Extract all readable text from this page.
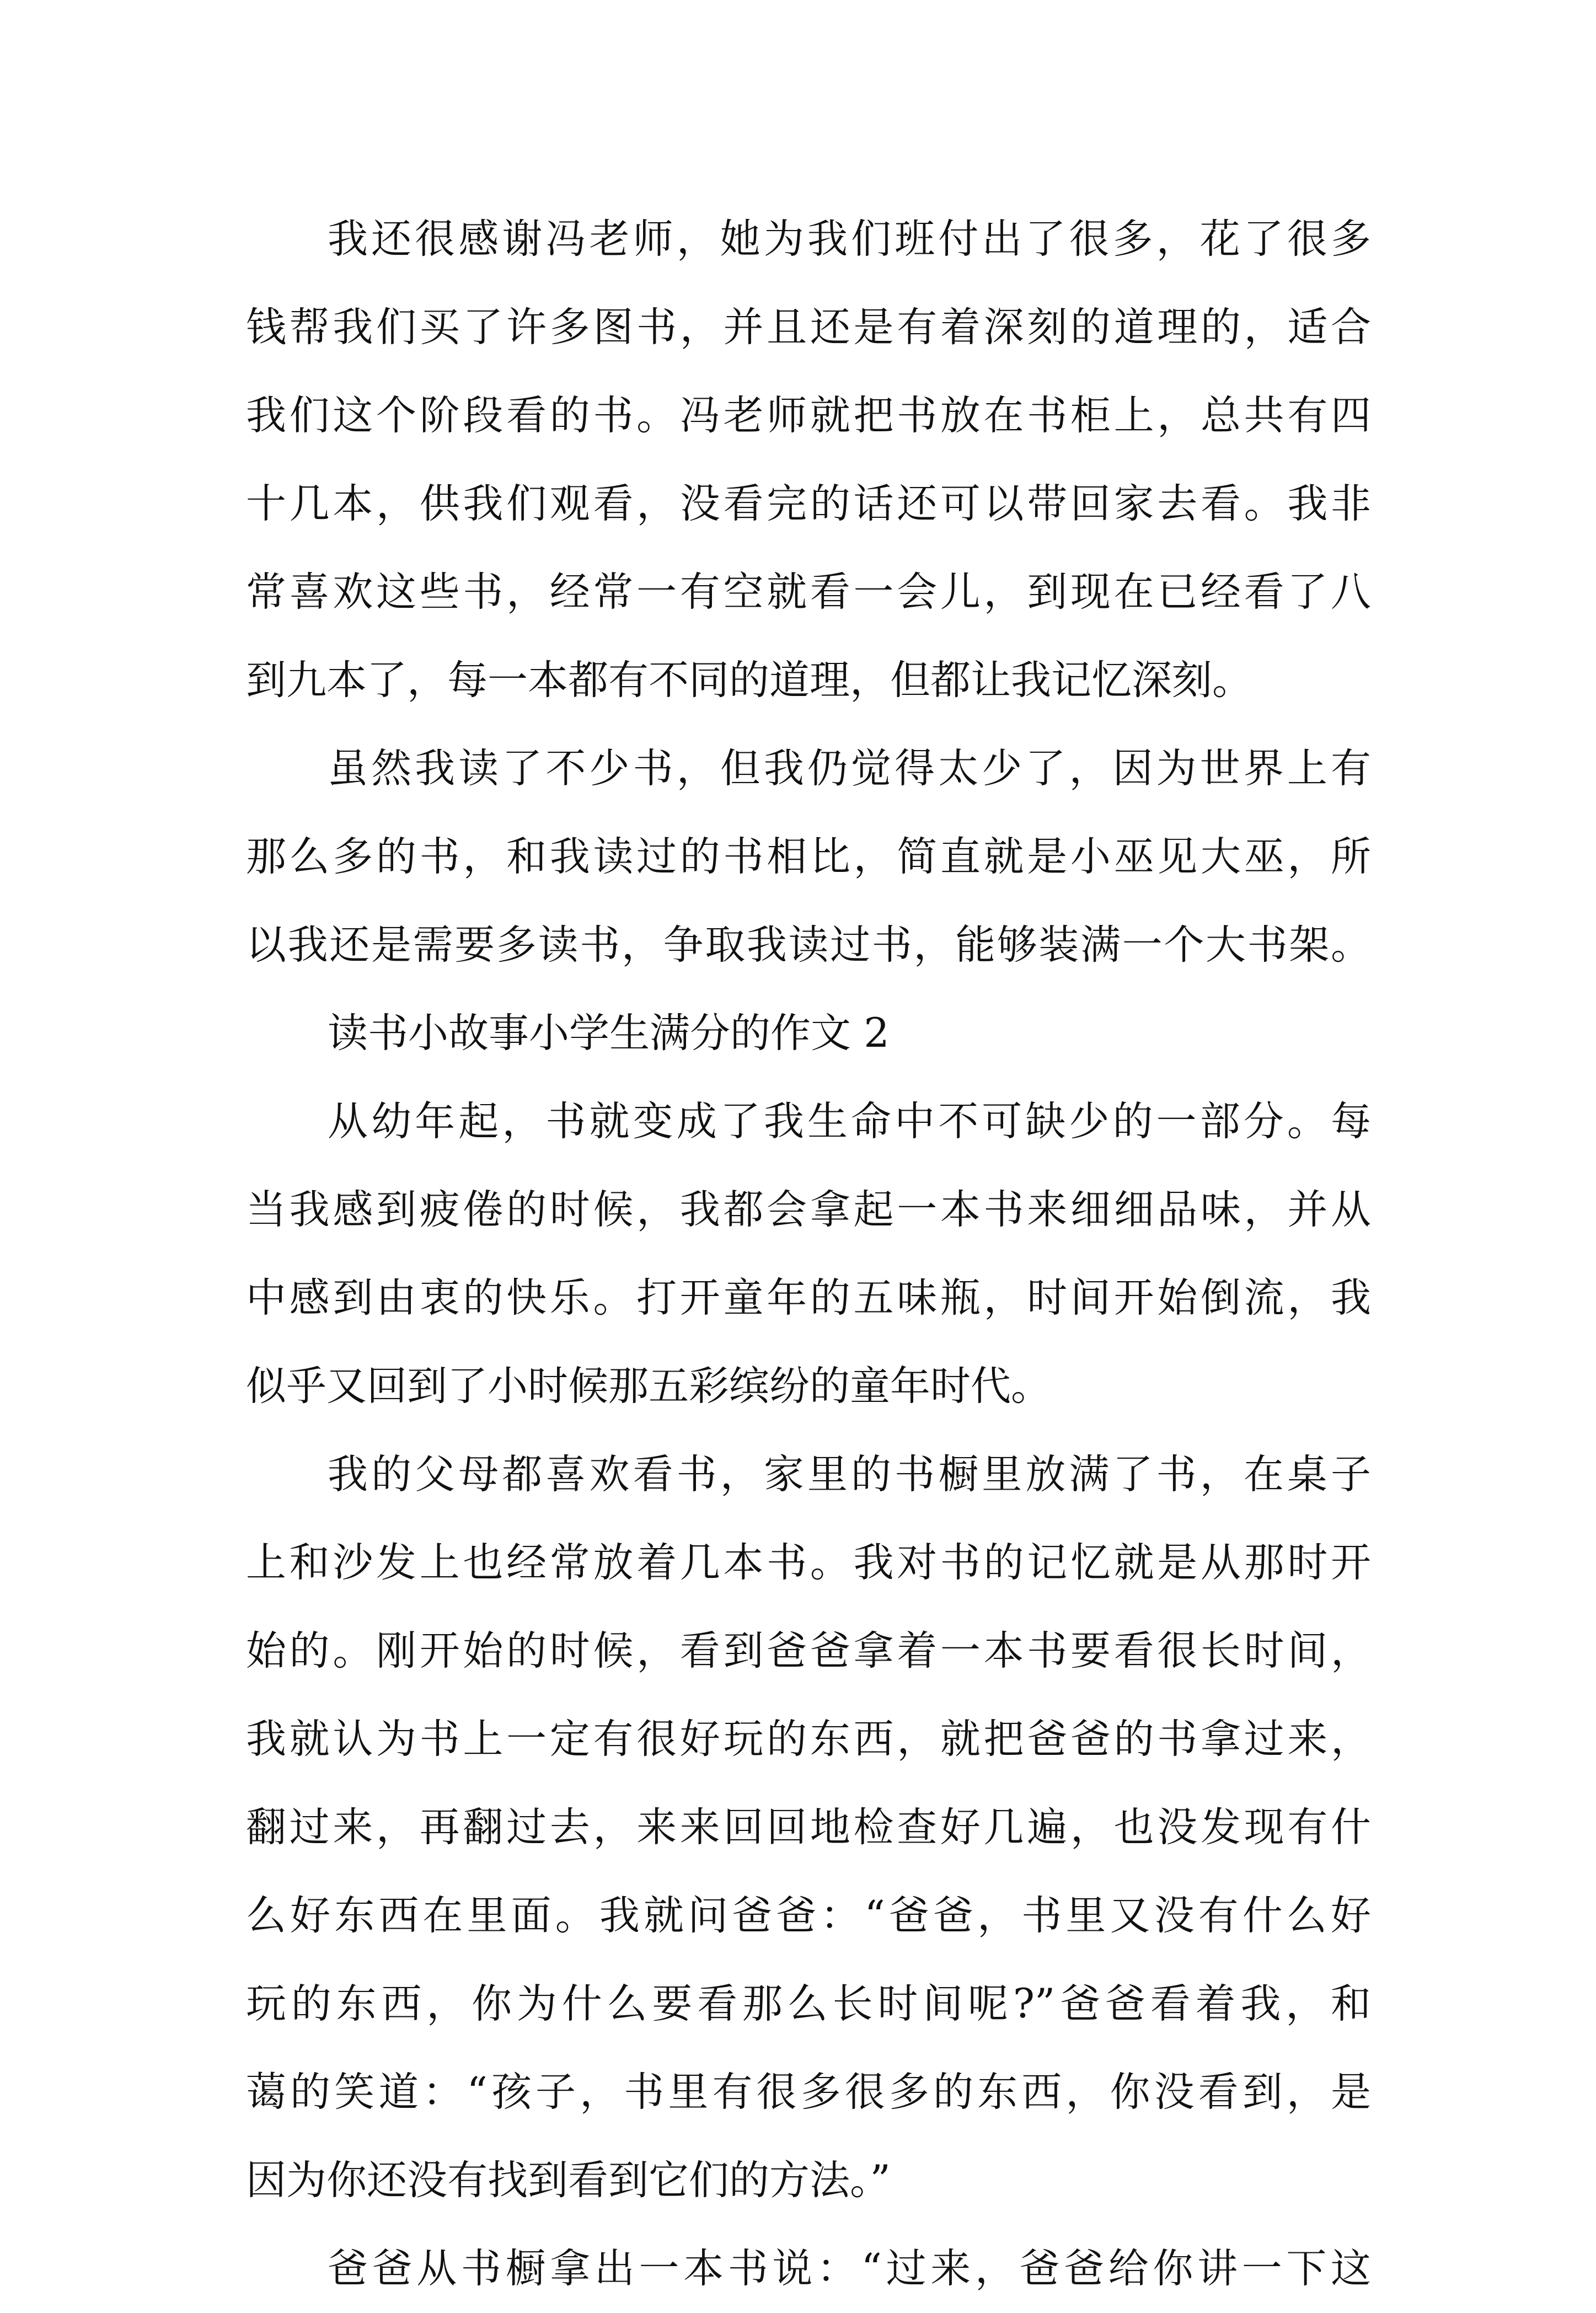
我还很感谢冯老师，她为我们班付出了很多，花了很多
钱帮我们买了许多图书，并且还是有着深刻的道理的，适合
我们这个阶段看的书。冯老师就把书放在书柜上，总共有四
十几本，供我们观看，没看完的话还可以带回家去看。我非
常喜欢这些书，经常一有空就看一会儿，到现在已经看了八
到九本了，每一本都有不同的道理，但都让我记忆深刻。
虽然我读了不少书，但我仍觉得太少了，因为世界上有
那么多的书，和我读过的书相比，简直就是小巫见大巫，所
以我还是需要多读书，争取我读过书，能够装满一个大书架。
读书小故事小学生满分的作文 2
从幼年起，书就变成了我生命中不可缺少的一部分。每
当我感到疲倦的时候，我都会拿起一本书来细细品味，并从
中感到由衷的快乐。打开童年的五味瓶，时间开始倒流，我
似乎又回到了小时候那五彩缤纷的童年时代。
我的父母都喜欢看书，家里的书橱里放满了书，在桌子
上和沙发上也经常放着几本书。我对书的记忆就是从那时开
始的。刚开始的时候，看到爸爸拿着一本书要看很长时间，
我就认为书上一定有很好玩的东西，就把爸爸的书拿过来，
翻过来，再翻过去，来来回回地检查好几遍，也没发现有什
么好东西在里面。我就问爸爸：“爸爸，书里又没有什么好
玩的东西，你为什么要看那么长时间呢?”爸爸看着我，和
蔼的笑道：“孩子，书里有很多很多的东西，你没看到，是
因为你还没有找到看到它们的方法。”
爸爸从书橱拿出一本书说：“过来，爸爸给你讲一下这
